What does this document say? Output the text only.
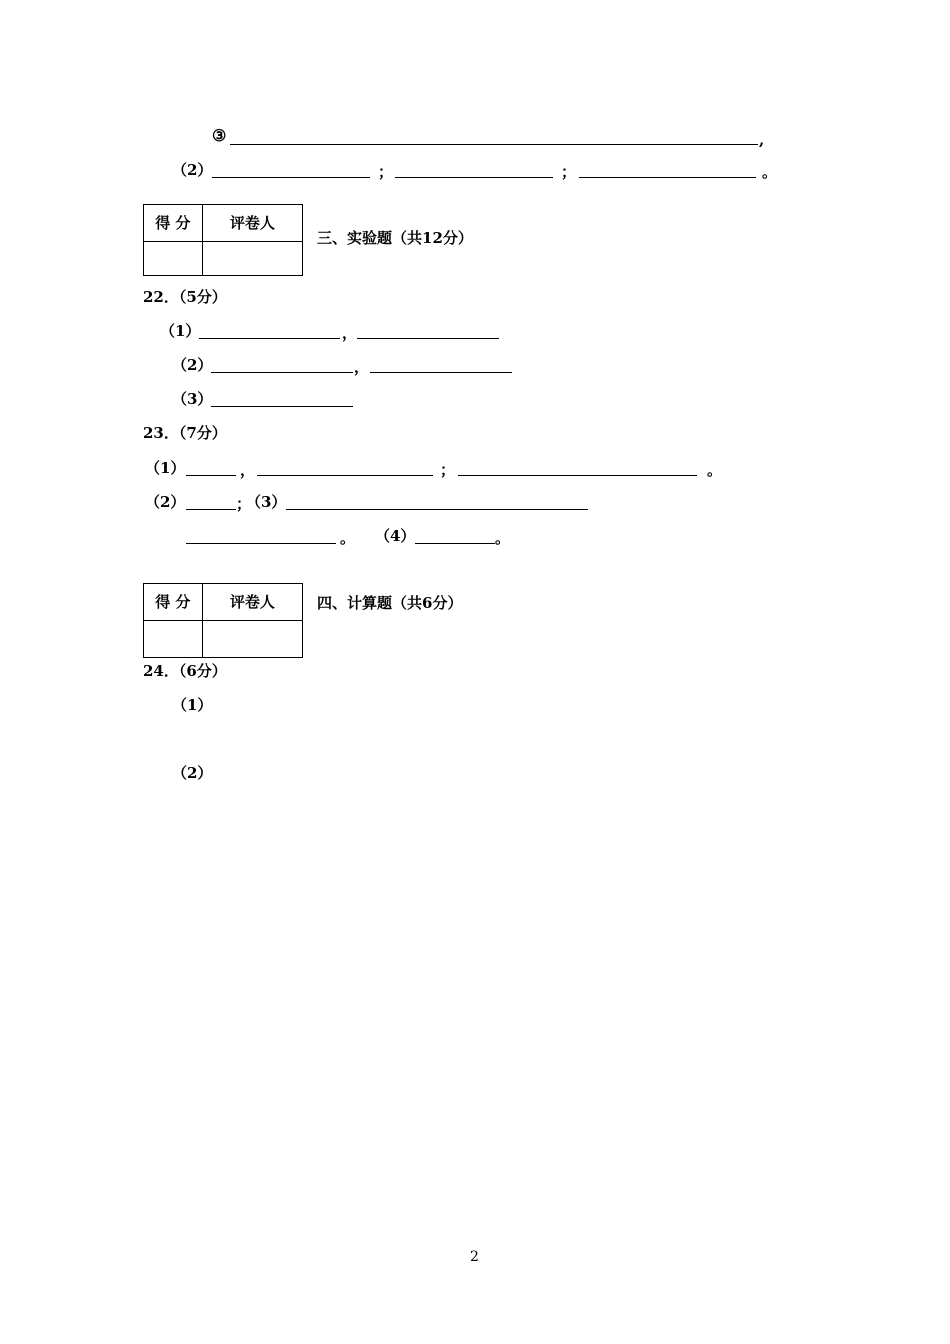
③	,
（2）	；	；	。
得 分	评卷人

三、实验题（共12分）
22．（5分）
（1）	，
（2）	，
（3）
23．（7分）
（1）	，	；	。
（2）	；
（3）
。 （4）	。
得 分	评卷人
		四、计算题（共6分）
24．（6分）
（1）
（2）
2
